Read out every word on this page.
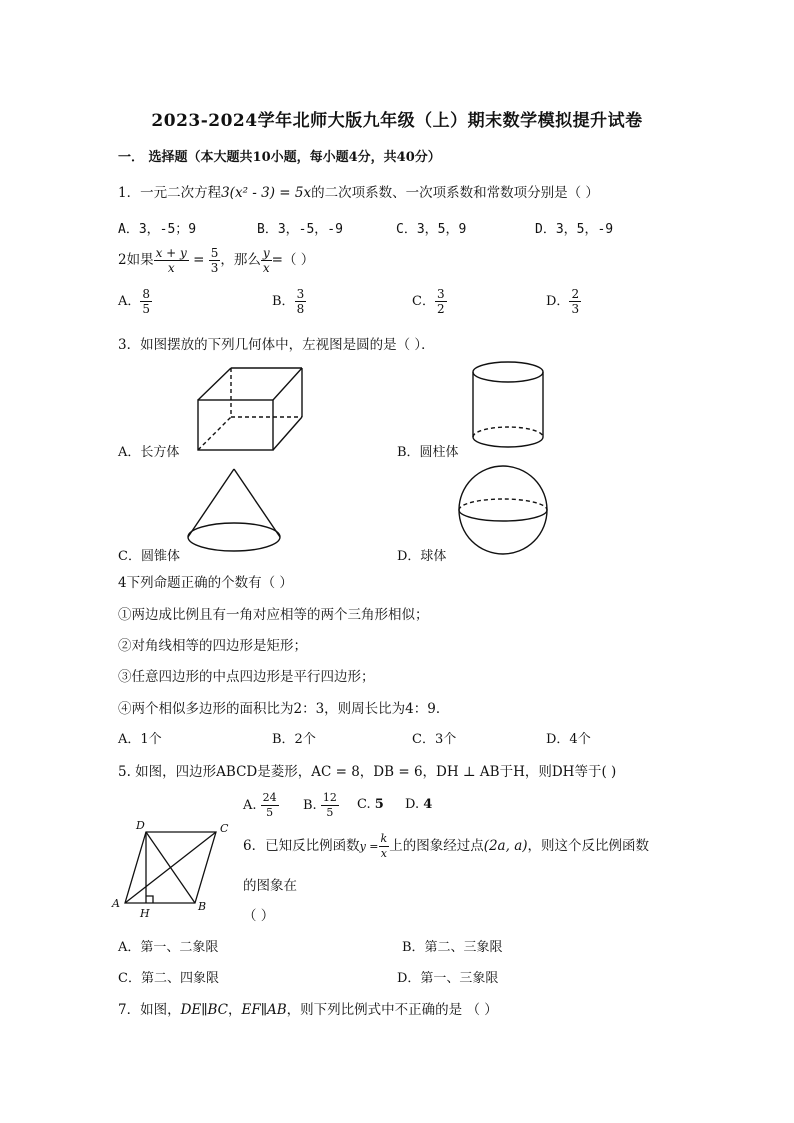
2023-2024学年北师大版九年级（上）期末数学模拟提升试卷
一． 选择题（本大题共10小题，每小题4分，共40分）
1．一元二次方程3(x² - 3) = 5x的二次项系数、一次项系数和常数项分别是（ ）
A．3，-5；9	B．3，-5，-9	C．3，5，9	D．3，5，-9
2如果 $\frac{x + y}{x} = \frac{5}{3}$ ，那么 $\frac{y}{x}$ =（ ）
A． $\frac{8}{5}$	B． $\frac{3}{8}$	C． $\frac{3}{2}$	D． $\frac{2}{3}$
3．如图摆放的下列几何体中，左视图是圆的是（ ）．
A．长方体	B．圆柱体
C．圆锥体	D．球体
4下列命题正确的个数有（ ）
①两边成比例且有一角对应相等的两个三角形相似；
②对角线相等的四边形是矩形；
③任意四边形的中点四边形是平行四边形；
④两个相似多边形的面积比为2：3，则周长比为4：9．
A．1个	B．2个	C．3个	D．4个
5. 如图，四边形ABCD是菱形，AC = 8，DB = 6，DH ⊥ AB于H，则DH等于( )
A. $\frac{24}{5} B$. $\frac{12}{5} C$. 5 D. 4
D	C
A
H
B
6．已知反比例函数$y = \frac{k}{x}$ 上的图象经过点(2a, a)，则这个反比例函数
的图象在
（ ）
A．第一、二象限	B．第二、三象限
C．第二、四象限	D．第一、三象限
7．如图，DE∥BC，EF∥AB，则下列比例式中不正确的是 （ ）
